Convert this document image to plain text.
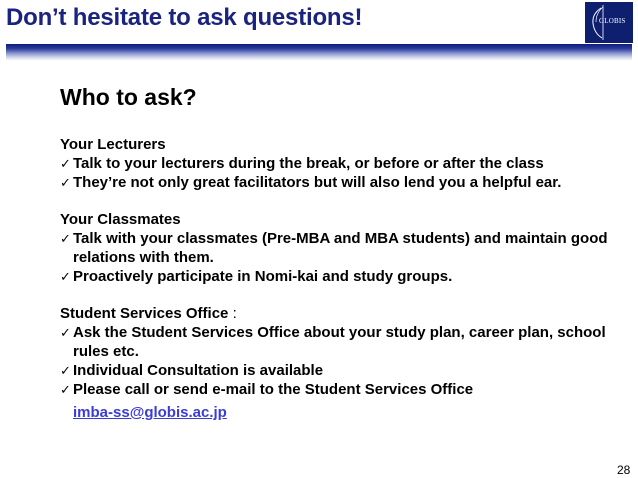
Don’t hesitate to ask questions!	GLOBIS
Who to ask?
Your Lecturers
✓ Talk to your lecturers during the break, or before or after the class
✓ They’re not only great facilitators but will also lend you a helpful ear.
Your Classmates
✓ Talk with your classmates (Pre-MBA and MBA students) and maintain good relations with them.
✓ Proactively participate in Nomi-kai and study groups.
Student Services Office :
✓ Ask the Student Services Office about your study plan, career plan, school rules etc.
✓ Individual Consultation is available
✓ Please call or send e-mail to the Student Services Office
imba-ss@globis.ac.jp
28
